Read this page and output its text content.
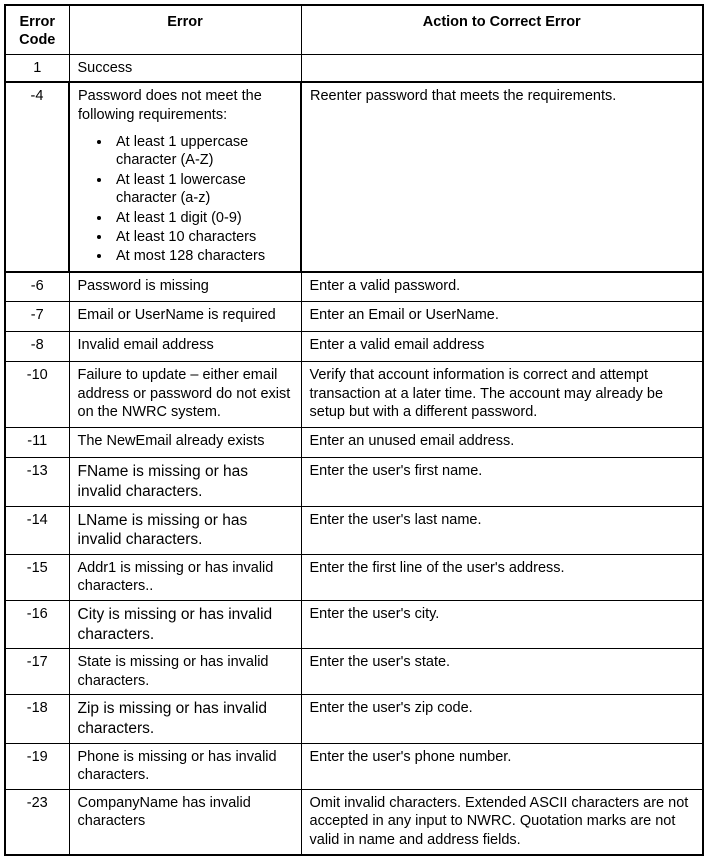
Error Code	Error	Action to Correct Error
1	Success	
-4	Password does not meet the following requirements:
• At least 1 uppercase character (A-Z)
• At least 1 lowercase character (a-z)
• At least 1 digit (0-9)
• At least 10 characters
• At most 128 characters
	Reenter password that meets the requirements.
-6	Password is missing	Enter a valid password.
-7	Email or UserName is required	Enter an Email or UserName.
-8	Invalid email address	Enter a valid email address
-10	Failure to update – either email address or password do not exist on the NWRC system.	Verify that account information is correct and attempt transaction at a later time. The account may already be setup but with a different password.
-11	The NewEmail already exists	Enter an unused email address.
-13	FName is missing or has invalid characters.	Enter the user's first name.
-14	LName is missing or has invalid characters.	Enter the user's last name.
-15	Addr1 is missing or has invalid characters..	Enter the first line of the user's address.
-16	City is missing or has invalid characters.	Enter the user's city.
-17	State is missing or has invalid characters.	Enter the user's state.
-18	Zip is missing or has invalid characters.	Enter the user's zip code.
-19	Phone is missing or has invalid characters.	Enter the user's phone number.
-23	CompanyName has invalid characters	Omit invalid characters. Extended ASCII characters are not accepted in any input to NWRC. Quotation marks are not valid in name and address fields.
